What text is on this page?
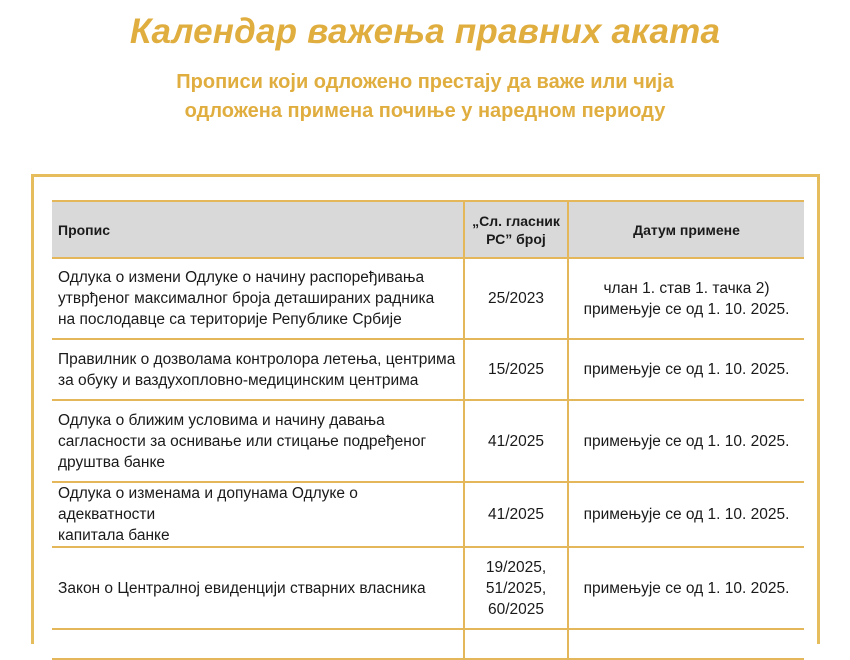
Календар важења правних аката
Прописи који одложено престају да важе или чија
одложена примена почиње у наредном периоду
Пропис	„Сл. гласник
РС” број	Датум примене

Одлука о измени Одлуке о начину распоређивања
утврђеног максималног броја деташираних радника
на послодавце са територије Републике Србије	25/2023	члан 1. став 1. тачка 2)
примењује се од 1. 10. 2025.

Правилник о дозволама контролора летења, центрима
за обуку и ваздухопловно-медицинским центрима	15/2025	примењује се од 1. 10. 2025.

Одлука о ближим условима и начину давања
сагласности за оснивање или стицање подређеног
друштва банке	41/2025	примењује се од 1. 10. 2025.

Одлука о изменама и допунама Одлуке о адекватности
капитала банке	41/2025	примењује се од 1. 10. 2025.

Закон о Централној евиденцији стварних власника	19/2025,
51/2025,
60/2025	примењује се од 1. 10. 2025.
